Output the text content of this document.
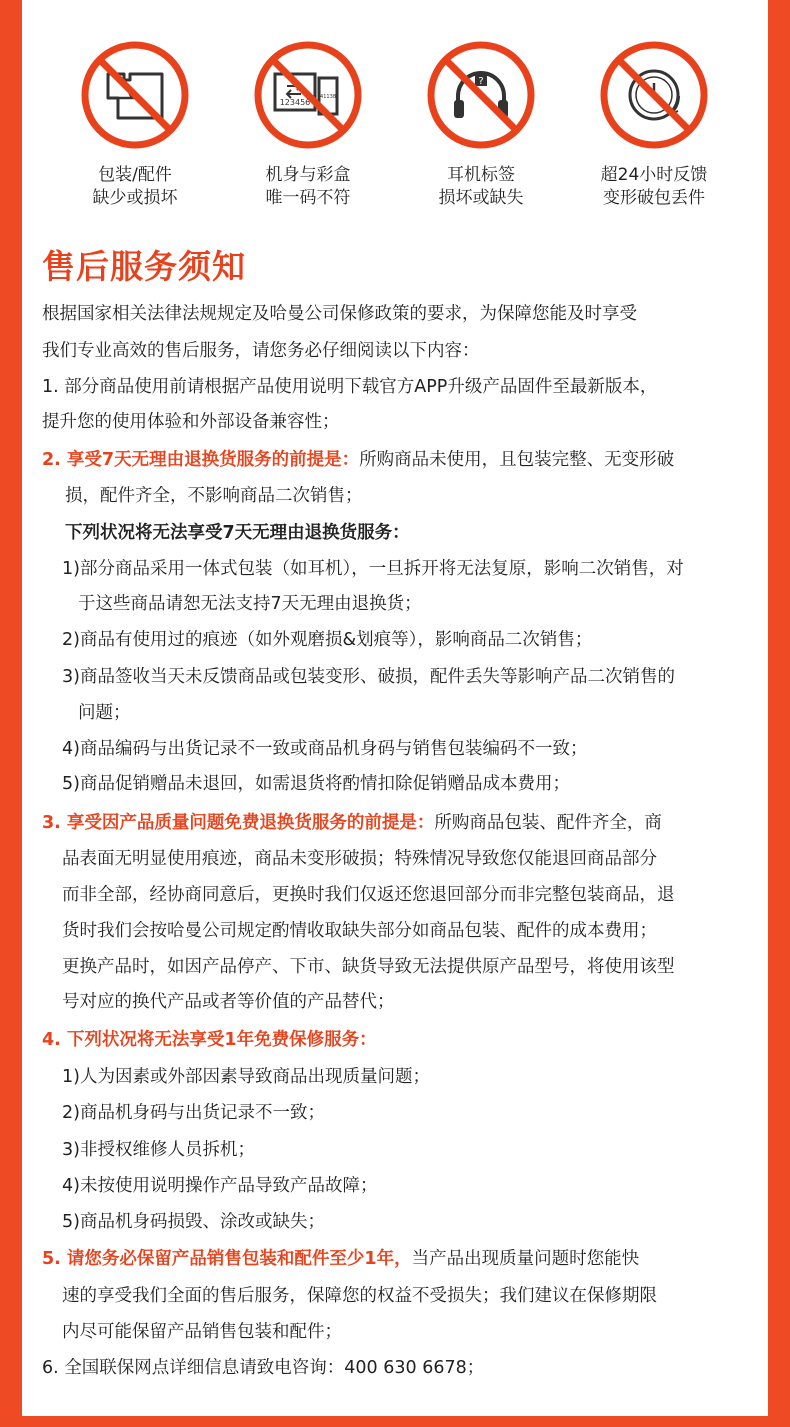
123456
41138
?
包装/配件
缺少或损坏
机身与彩盒
唯一码不符
耳机标签
损坏或缺失
超24小时反馈
变形破包丢件
售后服务须知
根据国家相关法律法规规定及哈曼公司保修政策的要求，为保障您能及时享受
我们专业高效的售后服务，请您务必仔细阅读以下内容：
1. 部分商品使用前请根据产品使用说明下载官方APP升级产品固件至最新版本，
提升您的使用体验和外部设备兼容性；
2. 享受7天无理由退换货服务的前提是：所购商品未使用，且包装完整、无变形破
损，配件齐全，不影响商品二次销售；
下列状况将无法享受7天无理由退换货服务：
1)部分商品采用一体式包装（如耳机），一旦拆开将无法复原，影响二次销售，对
于这些商品请恕无法支持7天无理由退换货；
2)商品有使用过的痕迹（如外观磨损&划痕等），影响商品二次销售；
3)商品签收当天未反馈商品或包装变形、破损，配件丢失等影响产品二次销售的
问题；
4)商品编码与出货记录不一致或商品机身码与销售包装编码不一致；
5)商品促销赠品未退回，如需退货将酌情扣除促销赠品成本费用；
3. 享受因产品质量问题免费退换货服务的前提是：所购商品包装、配件齐全，商
品表面无明显使用痕迹，商品未变形破损；特殊情况导致您仅能退回商品部分
而非全部，经协商同意后，更换时我们仅返还您退回部分而非完整包装商品，退
货时我们会按哈曼公司规定酌情收取缺失部分如商品包装、配件的成本费用；
更换产品时，如因产品停产、下市、缺货导致无法提供原产品型号，将使用该型
号对应的换代产品或者等价值的产品替代；
4. 下列状况将无法享受1年免费保修服务：
1)人为因素或外部因素导致商品出现质量问题；
2)商品机身码与出货记录不一致；
3)非授权维修人员拆机；
4)未按使用说明操作产品导致产品故障；
5)商品机身码损毁、涂改或缺失；
5. 请您务必保留产品销售包装和配件至少1年，当产品出现质量问题时您能快
速的享受我们全面的售后服务，保障您的权益不受损失；我们建议在保修期限
内尽可能保留产品销售包装和配件；
6. 全国联保网点详细信息请致电咨询：400 630 6678；
